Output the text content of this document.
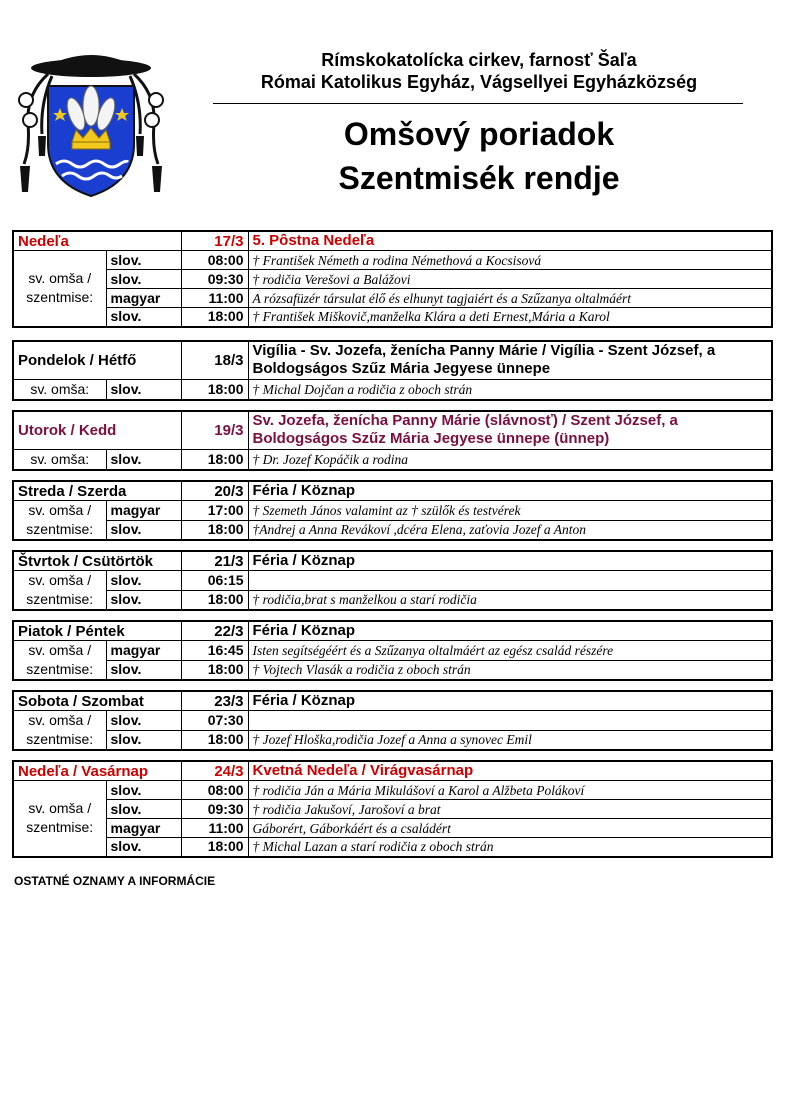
Rímskokatolícka cirkev, farnosť Šaľa
Római Katolikus Egyház, Vágsellyei Egyházközség
Omšový poriadok
Szentmisék rendje
Nedeľa		17/3	5. Pôstna Nedeľa
sv. omša / szentmise:	slov.	08:00	† František Németh a rodina Némethová a Kocsisová
	slov.	09:30	† rodičia Verešovi a Balážovi
	magyar	11:00	A rózsafüzér társulat élő és elhunyt tagjaiért és a Szűzanya oltalmáért
	slov.	18:00	† František Miškovič,manželka Klára a deti Ernest,Mária a Karol
Pondelok / Hétfő		18/3	Vigília - Sv. Jozefa, ženícha Panny Márie / Vigília - Szent József, a Boldogságos Szűz Mária Jegyese ünnepe
sv. omša:	slov.	18:00	† Michal Dojčan a rodičia z oboch strán
Utorok / Kedd		19/3	Sv. Jozefa, ženícha Panny Márie (slávnosť) / Szent József, a Boldogságos Szűz Mária Jegyese ünnepe (ünnep)
sv. omša:	slov.	18:00	† Dr. Jozef Kopáčik a rodina
Streda / Szerda		20/3	Féria / Köznap
sv. omša / szentmise:	magyar	17:00	† Szemeth János valamint az † szülők és testvérek
	slov.	18:00	†Andrej a Anna Revákoví ,dcéra Elena, zaťovia Jozef a Anton
Štvrtok / Csütörtök		21/3	Féria / Köznap
sv. omša / szentmise:	slov.	06:15	
	slov.	18:00	† rodičia,brat s manželkou a starí rodičia
Piatok / Péntek		22/3	Féria / Köznap
sv. omša / szentmise:	magyar	16:45	Isten segítségéért és a Szűzanya oltalmáért az egész család részére
	slov.	18:00	† Vojtech Vlasák a rodičia z oboch strán
Sobota / Szombat		23/3	Féria / Köznap
sv. omša / szentmise:	slov.	07:30	
	slov.	18:00	† Jozef Hloška,rodičia Jozef a Anna a synovec Emil
Nedeľa / Vasárnap		24/3	Kvetná Nedeľa / Virágvasárnap
sv. omša / szentmise:	slov.	08:00	† rodičia Ján a Mária Mikulášoví a Karol a Alžbeta Polákoví
	slov.	09:30	† rodičia Jakušoví, Jarošoví a brat
	magyar	11:00	Gáborért, Gáborkáért és a családért
	slov.	18:00	† Michal Lazan a starí rodičia z oboch strán
OSTATNÉ OZNAMY A INFORMÁCIE
